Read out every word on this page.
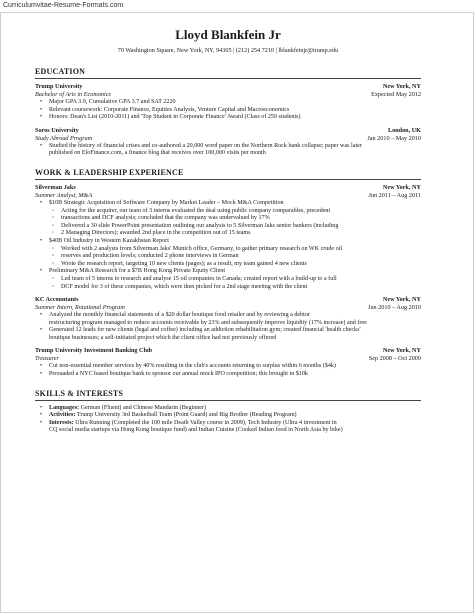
Curriculumvitae-Resume-Formats.com
Lloyd Blankfein Jr
70 Washington Square, New York, NY, 94305 | (212) 254 7210 | lblankfeinjr@trump.edu
EDUCATION
Trump University	New York, NY
Bachelor of Arts in Economics	Expected May 2012
• Major GPA 3.9, Cumulative GPA 3.7 and SAT 2220
• Relevant coursework: Corporate Finance, Equities Analysis, Venture Capital and Macroeconomics
• Honors: Dean's List (2010-2011) and 'Top Student in Corporate Finance' Award (Class of 250 students)
Soros University	London, UK
Study Abroad Program	Jan 2010 – May 2010
• Studied the history of financial crises and co-authored a 20,000 word paper on the Northern Rock bank collapse; paper was later
published on EloFinance.com, a finance blog that receives over 100,000 visits per month
WORK & LEADERSHIP EXPERIENCE
Silverman Jaks	New York, NY
Summer Analyst, M&A	Jun 2011 – Aug 2011
• $10B Strategic Acquisition of Software Company by Market Leader – Mock M&A Competition
◦ Acting for the acquirer, our team of 3 interns evaluated the deal using public company comparables, precedent
◦ transactions and DCF analysis; concluded that the company was undervalued by 17%
◦ Delivered a 30 slide PowerPoint presentation outlining our analysis to 5 Silverman Jaks senior bankers (including
◦ 2 Managing Directors); awarded 2nd place in the competition out of 15 teams
• $40B Oil Industry in Western Kazakhstan Report
◦ Worked with 2 analysts from Silverman Jaks' Munich office, Germany, to gather primary research on WK crude oil
◦ reserves and production levels; conducted 2 phone interviews in German
◦ Wrote the research report, targeting 10 new clients (pages); as a result, my team gained 4 new clients
• Preliminary M&A Research for a $7B Hong Kong Private Equity Client
◦ Led team of 5 interns to research and analyse 15 oil companies in Canada; created report with a build-up to a full
◦ DCF model for 3 of these companies, which were then picked for a 2nd stage meeting with the client
KC Accountants	New York, NY
Summer Intern, Rotational Program	Jun 2010 – Aug 2010
• Analyzed the monthly financial statements of a $20 dollar boutique food retailer and by reviewing a debtor
restructuring program managed to reduce accounts receivable by 23% and subsequently improve liquidity (17% increase) and free
• Generated 12 leads for new clients (legal and coffee) including an addiction rehabilitation gym; created financial 'health checks'
boutique businesses; a self-initiated project which the client office had not previously offered
Trump University Investment Banking Club	New York, NY
Treasurer	Sep 2008 – Oct 2009
• Cut non-essential member services by 40% resulting in the club's accounts returning to surplus within 6 months ($4k)
• Persuaded a NYC based boutique bank to sponsor our annual mock IPO competition; this brought in $10k
SKILLS & INTERESTS
• Languages: German (Fluent) and Chinese Mandarin (Beginner)
• Activities: Trump University 3rd Basketball Team (Point Guard) and Big Brother (Reading Program)
• Interests: Ultra Running (Completed the 100 mile Death Valley course in 2009), Tech Industry (Ultra 4 investment in
CQ social media startups via Hong Kong boutique fund) and Indian Cuisine (Cooked Indian food in North Asia by bike)
